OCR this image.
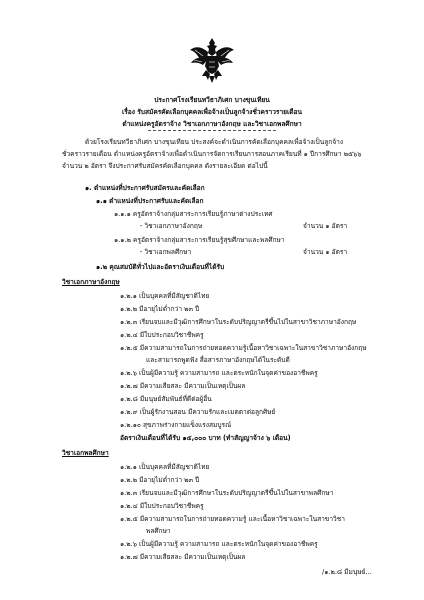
ประกาศโรงเรียนทวีธาภิเศก บางขุนเทียน
เรื่อง รับสมัครคัดเลือกบุคคลเพื่อจ้างเป็นลูกจ้างชั่วคราวรายเดือน
ตำแหน่งครูอัตราจ้าง วิชาเอกภาษาอังกฤษ และวิชาเอกพลศึกษา
ด้วยโรงเรียนทวีธาภิเศก บางขุนเทียน ประสงค์จะดำเนินการคัดเลือกบุคคลเพื่อจ้างเป็นลูกจ้าง
ชั่วคราวรายเดือน ตำแหน่งครูอัตราจ้างเพื่อดำเนินการจัดการเรียนการสอนภาคเรียนที่ ๑ ปีการศึกษา ๒๕๖๖
จำนวน ๒ อัตรา จึงประกาศรับสมัครคัดเลือกบุคคล ดังรายละเอียด ต่อไปนี้
๑. ตำแหน่งที่ประกาศรับสมัครและคัดเลือก
๑.๑ ตำแหน่งที่ประกาศรับและคัดเลือก
๑.๑.๑ ครูอัตราจ้างกลุ่มสาระการเรียนรู้ภาษาต่างประเทศ
- วิชาเอกภาษาอังกฤษ	จำนวน ๑ อัตรา
๑.๑.๒ ครูอัตราจ้างกลุ่มสาระการเรียนรู้สุขศึกษาและพลศึกษา
- วิชาเอกพลศึกษา	จำนวน ๑ อัตรา
๑.๒ คุณสมบัติทั่วไปและอัตราเงินเดือนที่ได้รับ
วิชาเอกภาษาอังกฤษ
๑.๒.๑ เป็นบุคคลที่มีสัญชาติไทย
๑.๒.๒ มีอายุไม่ต่ำกว่า ๒๓ ปี
๑.๒.๓ เรียนจบและมีวุฒิการศึกษาในระดับปริญญาตรีขึ้นไปในสาขาวิชาภาษาอังกฤษ
๑.๒.๔ มีใบประกอบวิชาชีพครู
๑.๒.๕ มีความสามารถในการถ่ายทอดความรู้เนื้อหาวิชาเฉพาะในสาขาวิชาภาษาอังกฤษ
และสามารถพูดฟัง สื่อสารภาษาอังกฤษได้ในระดับดี
๑.๒.๖ เป็นผู้มีความรู้ ความสามารถ และตระหนักในจุดค่าของอาชีพครู
๑.๒.๗ มีความเสียสละ มีความเป็นเหตุเป็นผล
๑.๒.๘ มีมนุษย์สัมพันธ์ที่ดีต่อผู้อื่น
๑.๒.๙ เป็นผู้รักงานสอน มีความรักและเมตตาต่อลูกศิษย์
๑.๒.๑๐ สุขภาพร่างกายแข็งแรงสมบูรณ์
อัตราเงินเดือนที่ได้รับ ๑๕,๐๐๐ บาท (ทำสัญญาจ้าง ๖ เดือน)
วิชาเอกพลศึกษา
๑.๒.๑ เป็นบุคคลที่มีสัญชาติไทย
๑.๒.๒ มีอายุไม่ต่ำกว่า ๒๓ ปี
๑.๒.๓ เรียนจบและมีวุฒิการศึกษาในระดับปริญญาตรีขึ้นไปในสาขาพลศึกษา
๑.๒.๔ มีใบประกอบวิชาชีพครู
๑.๒.๕ มีความสามารถในการถ่ายทอดความรู้ และเนื้อหาวิชาเฉพาะในสาขาวิชา
พลศึกษา
๑.๒.๖ เป็นผู้มีความรู้ ความสามารถ และตระหนักในจุดค่าของอาชีพครู
๑.๒.๗ มีความเสียสละ มีความเป็นเหตุเป็นผล
/๑.๒.๘ มีมนุษย์...
